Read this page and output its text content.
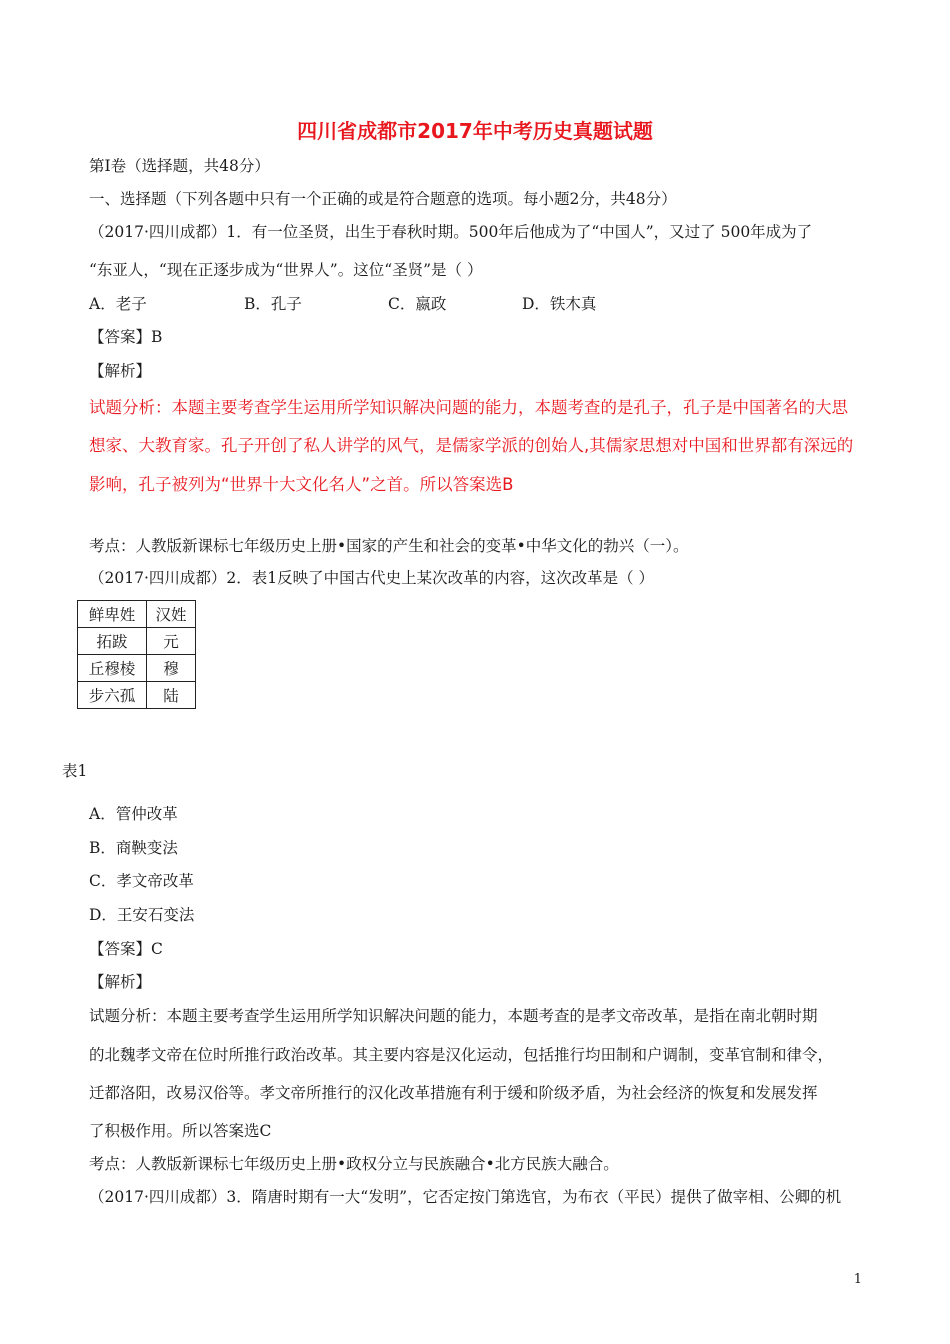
四川省成都市2017年中考历史真题试题
第Ⅰ卷（选择题，共48分）
一、选择题（下列各题中只有一个正确的或是符合题意的选项。每小题2分，共48分）
（2017·四川成都）1．有一位圣贤，出生于春秋时期。500年后他成为了“中国人”，又过了 500年成为了
“东亚人，“现在正逐步成为“世界人”。这位“圣贤”是（ ）
A．老子	B．孔子	C．嬴政	D．铁木真
【答案】B
【解析】
试题分析：本题主要考查学生运用所学知识解决问题的能力，本题考查的是孔子，孔子是中国著名的大思
想家、大教育家。孔子开创了私人讲学的风气，是儒家学派的创始人,其儒家思想对中国和世界都有深远的
影响，孔子被列为“世界十大文化名人”之首。所以答案选B
考点：人教版新课标七年级历史上册•国家的产生和社会的变革•中华文化的勃兴（一）。
（2017·四川成都）2．表1反映了中国古代史上某次改革的内容，这次改革是（ ）
鲜卑姓	汉姓
拓跋	元
丘穆棱	穆
步六孤	陆
表1
A．管仲改革
B．商鞅变法
C．孝文帝改革
D．王安石变法
【答案】C
【解析】
试题分析：本题主要考查学生运用所学知识解决问题的能力，本题考查的是孝文帝改革，是指在南北朝时期
的北魏孝文帝在位时所推行政治改革。其主要内容是汉化运动，包括推行均田制和户调制，变革官制和律令，
迁都洛阳，改易汉俗等。孝文帝所推行的汉化改革措施有利于缓和阶级矛盾，为社会经济的恢复和发展发挥
了积极作用。所以答案选C
考点：人教版新课标七年级历史上册•政权分立与民族融合•北方民族大融合。
（2017·四川成都）3．隋唐时期有一大“发明”，它否定按门第选官，为布衣（平民）提供了做宰相、公卿的机
1
